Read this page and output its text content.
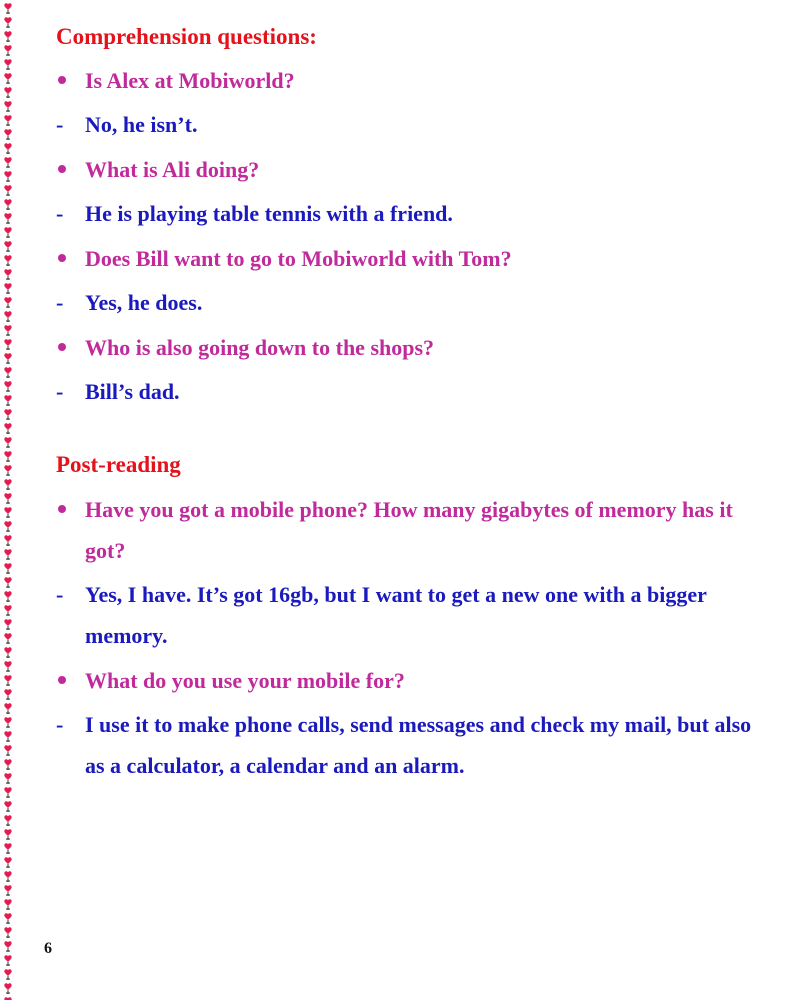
Comprehension questions:
Is Alex at Mobiworld?
- No, he isn’t.
What is Ali doing?
- He is playing table tennis with a friend.
Does Bill want to go to Mobiworld with Tom?
- Yes, he does.
Who is also going down to the shops?
- Bill’s dad.
Post-reading
Have you got a mobile phone? How many gigabytes of memory has it got?
- Yes, I have. It’s got 16gb, but I want to get a new one with a bigger memory.
What do you use your mobile for?
- I use it to make phone calls, send messages and check my mail, but also as a calculator, a calendar and an alarm.
6
